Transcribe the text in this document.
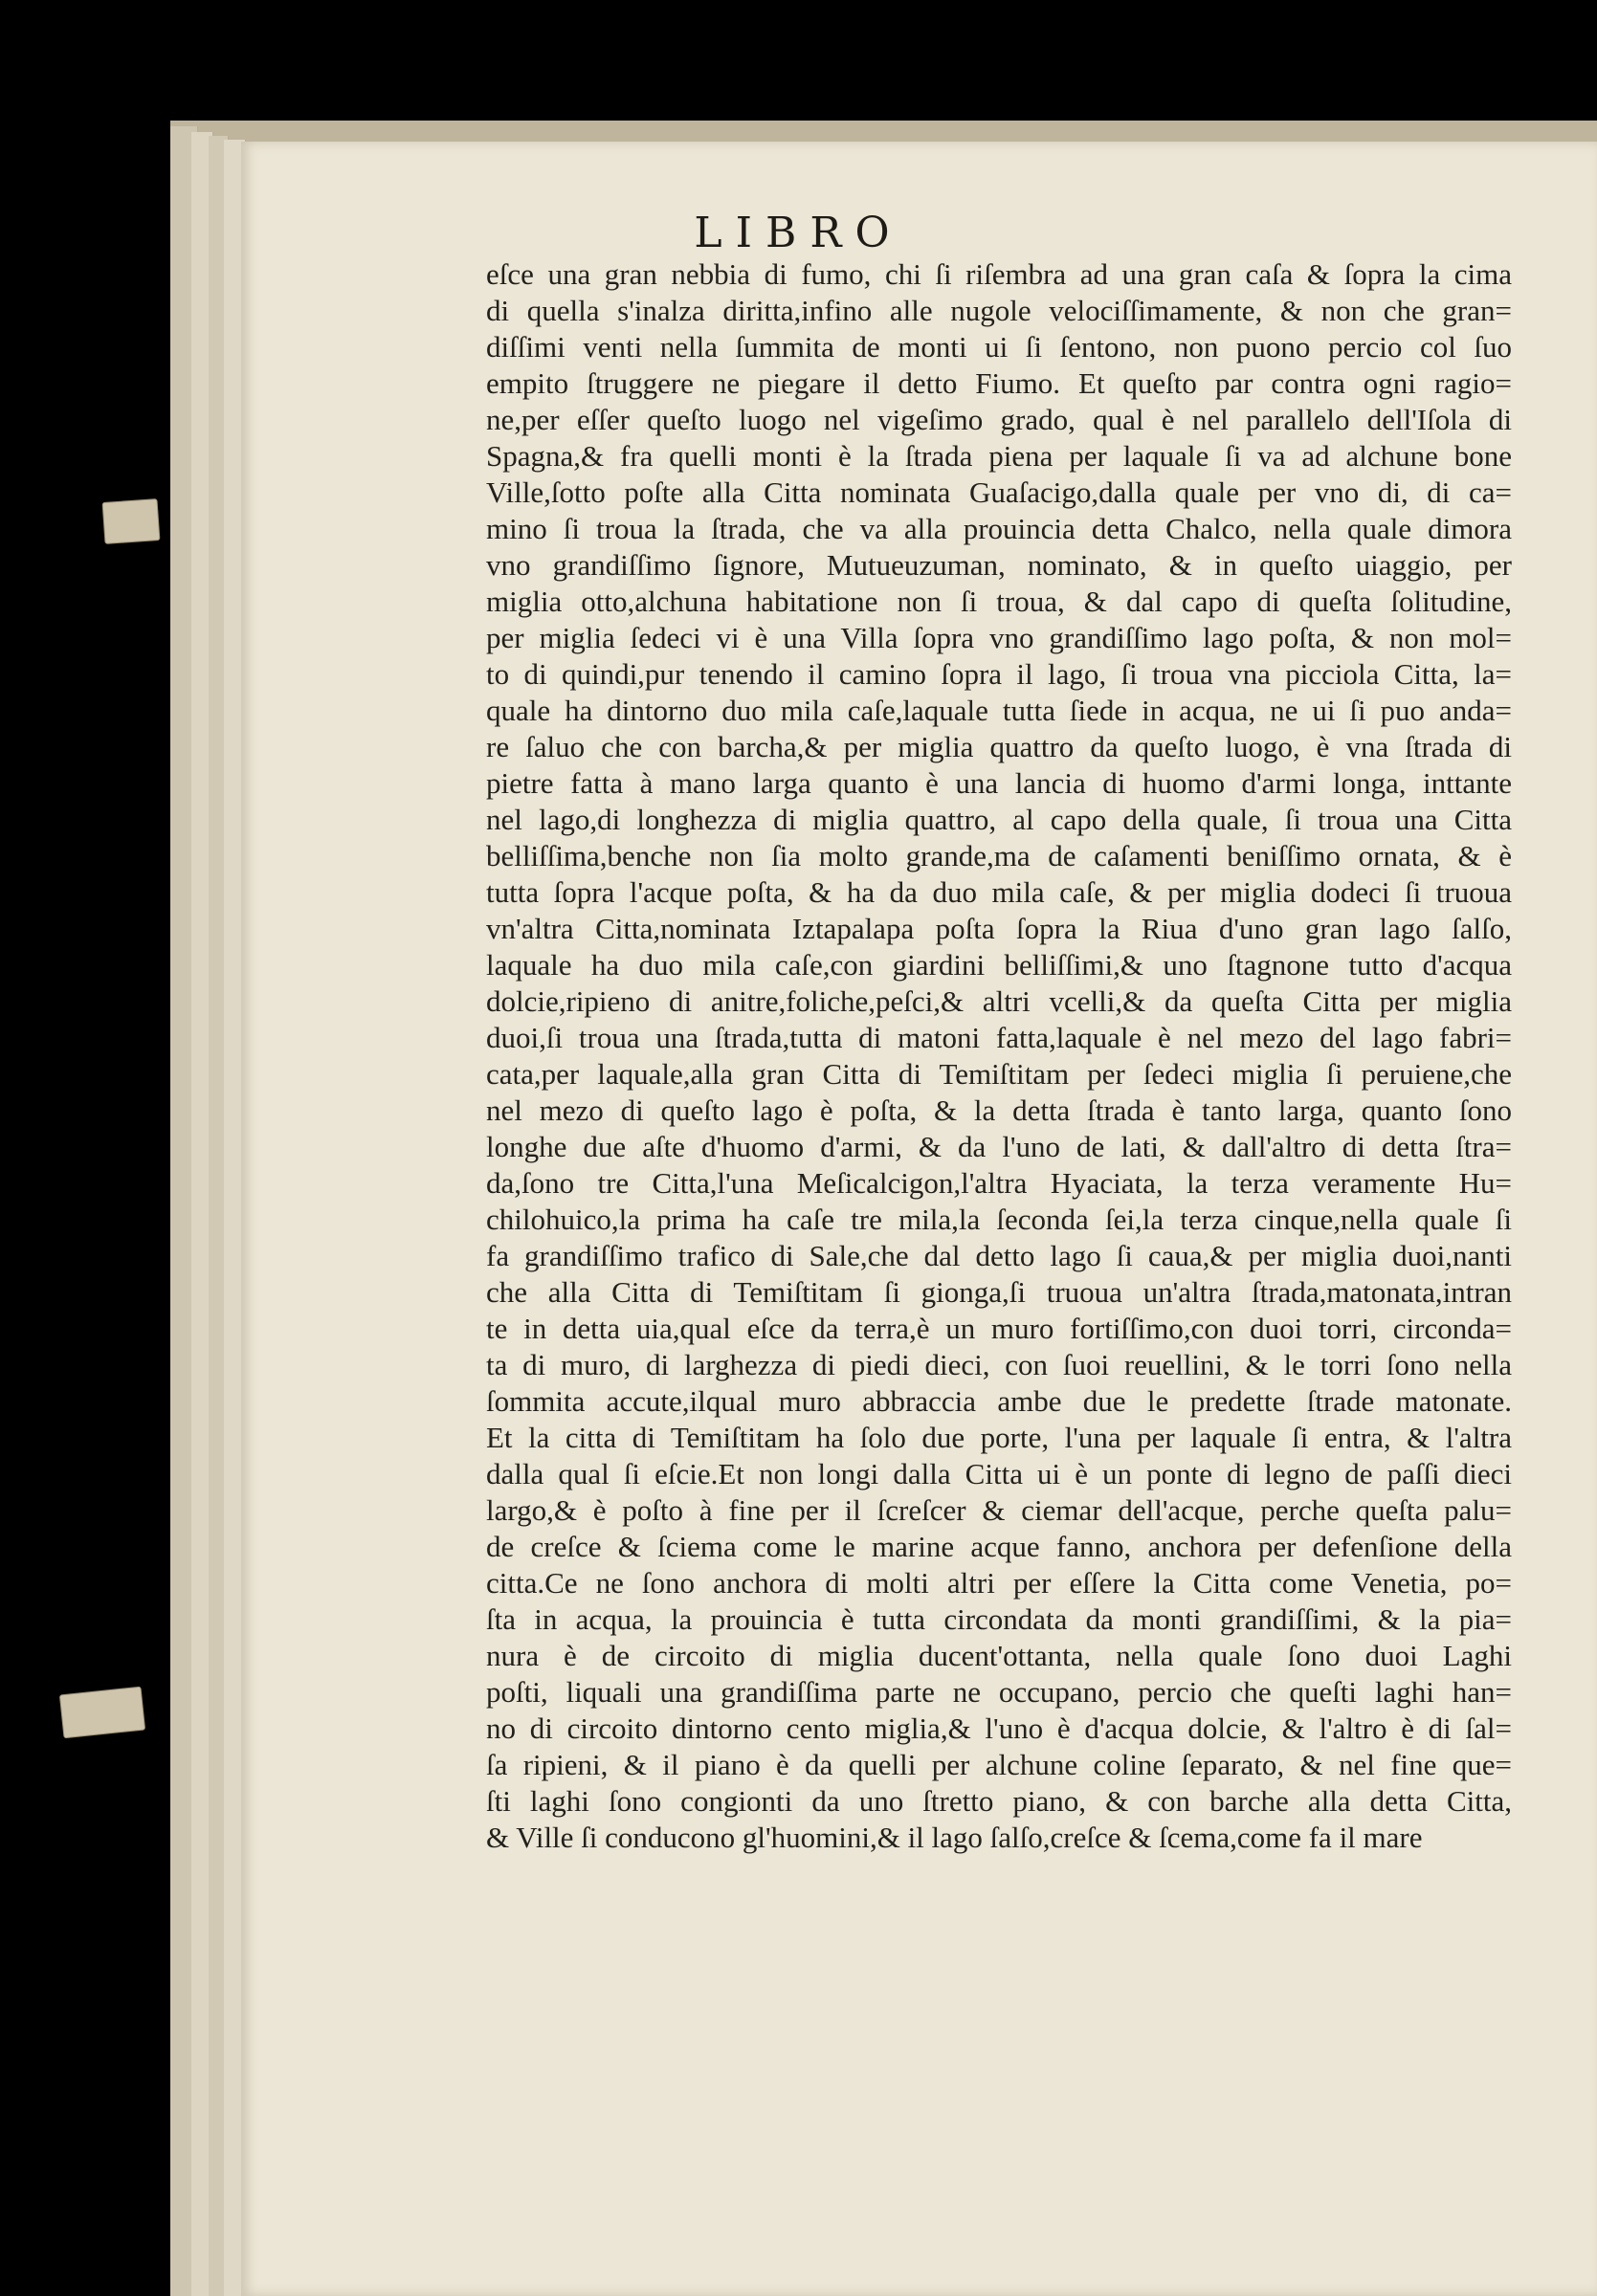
LIBRO
eſce una gran nebbia di fumo, chi ſi riſembra ad una gran caſa & ſopra la cima
di quella s'inalza diritta,infino alle nugole velociſſimamente, & non che gran=
diſſimi venti nella ſummita de monti ui ſi ſentono, non puono percio col ſuo
empito ſtruggere ne piegare il detto Fiumo. Et queſto par contra ogni ragio=
ne,per eſſer queſto luogo nel vigeſimo grado, qual è nel parallelo dell'Iſola di
Spagna,& fra quelli monti è la ſtrada piena per laquale ſi va ad alchune bone
Ville,ſotto poſte alla Citta nominata Guaſacigo,dalla quale per vno di, di ca=
mino ſi troua la ſtrada, che va alla prouincia detta Chalco, nella quale dimora
vno grandiſſimo ſignore, Mutueuzuman, nominato, & in queſto uiaggio, per
miglia otto,alchuna habitatione non ſi troua, & dal capo di queſta ſolitudine,
per miglia ſedeci vi è una Villa ſopra vno grandiſſimo lago poſta, & non mol=
to di quindi,pur tenendo il camino ſopra il lago, ſi troua vna picciola Citta, la=
quale ha dintorno duo mila caſe,laquale tutta ſiede in acqua, ne ui ſi puo anda=
re ſaluo che con barcha,& per miglia quattro da queſto luogo, è vna ſtrada di
pietre fatta à mano larga quanto è una lancia di huomo d'armi longa, inttante
nel lago,di longhezza di miglia quattro, al capo della quale, ſi troua una Citta
belliſſima,benche non ſia molto grande,ma de caſamenti beniſſimo ornata, & è
tutta ſopra l'acque poſta, & ha da duo mila caſe, & per miglia dodeci ſi truoua
vn'altra Citta,nominata Iztapalapa poſta ſopra la Riua d'uno gran lago ſalſo,
laquale ha duo mila caſe,con giardini belliſſimi,& uno ſtagnone tutto d'acqua
dolcie,ripieno di anitre,foliche,peſci,& altri vcelli,& da queſta Citta per miglia
duoi,ſi troua una ſtrada,tutta di matoni fatta,laquale è nel mezo del lago fabri=
cata,per laquale,alla gran Citta di Temiſtitam per ſedeci miglia ſi peruiene,che
nel mezo di queſto lago è poſta, & la detta ſtrada è tanto larga, quanto ſono
longhe due aſte d'huomo d'armi, & da l'uno de lati, & dall'altro di detta ſtra=
da,ſono tre Citta,l'una Meſicalcigon,l'altra Hyaciata, la terza veramente Hu=
chilohuico,la prima ha caſe tre mila,la ſeconda ſei,la terza cinque,nella quale ſi
fa grandiſſimo trafico di Sale,che dal detto lago ſi caua,& per miglia duoi,nanti
che alla Citta di Temiſtitam ſi gionga,ſi truoua un'altra ſtrada,matonata,intran
te in detta uia,qual eſce da terra,è un muro fortiſſimo,con duoi torri, circonda=
ta di muro, di larghezza di piedi dieci, con ſuoi reuellini, & le torri ſono nella
ſommita accute,ilqual muro abbraccia ambe due le predette ſtrade matonate.
Et la citta di Temiſtitam ha ſolo due porte, l'una per laquale ſi entra, & l'altra
dalla qual ſi eſcie.Et non longi dalla Citta ui è un ponte di legno de paſſi dieci
largo,& è poſto à fine per il ſcreſcer & ciemar dell'acque, perche queſta palu=
de creſce & ſciema come le marine acque fanno, anchora per defenſione della
citta.Ce ne ſono anchora di molti altri per eſſere la Citta come Venetia, po=
ſta in acqua, la prouincia è tutta circondata da monti grandiſſimi, & la pia=
nura è de circoito di miglia ducent'ottanta, nella quale ſono duoi Laghi
poſti, liquali una grandiſſima parte ne occupano, percio che queſti laghi han=
no di circoito dintorno cento miglia,& l'uno è d'acqua dolcie, & l'altro è di ſal=
ſa ripieni, & il piano è da quelli per alchune coline ſeparato, & nel fine que=
ſti laghi ſono congionti da uno ſtretto piano, & con barche alla detta Citta,
& Ville ſi conducono gl'huomini,& il lago ſalſo,creſce & ſcema,come fa il mare
